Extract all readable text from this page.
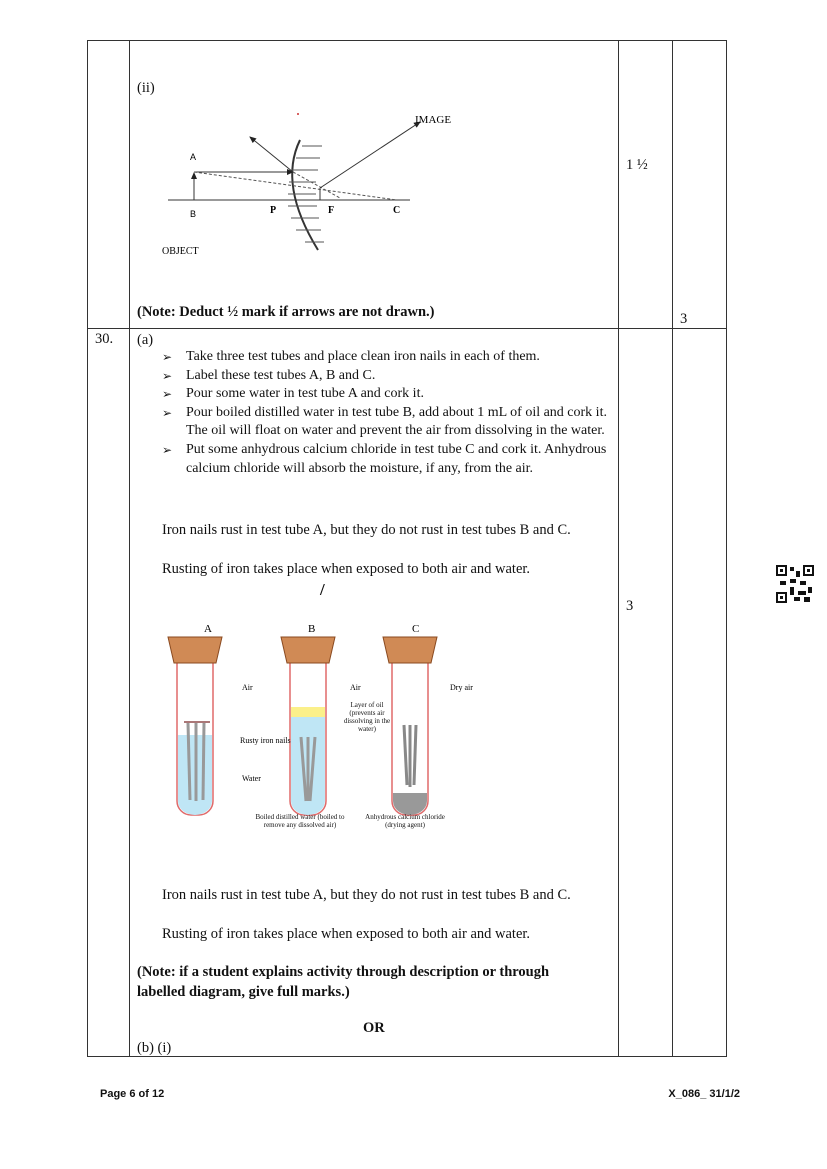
(ii)
IMAGE
A
B	P	F	C
OBJECT
1 ½
(Note: Deduct ½ mark if arrows are not drawn.)	3
30. (a)
➢ Take three test tubes and place clean iron nails in each of them.
➢ Label these test tubes A, B and C.
➢ Pour some water in test tube A and cork it.
➢ Pour boiled distilled water in test tube B, add about 1 mL of oil and cork it. The oil will float on water and prevent the air from dissolving in the water.
➢ Put some anhydrous calcium chloride in test tube C and cork it. Anhydrous calcium chloride will absorb the moisture, if any, from the air.
Iron nails rust in test tube A, but they do not rust in test tubes B and C.
Rusting of iron takes place when exposed to both air and water.
/
3
A	B	C
Air	Air	Dry air
Rusty iron nails
Water
Layer of oil (prevents air dissolving in the water)
Boiled distilled water (boiled to remove any dissolved air)
Anhydrous calcium chloride (drying agent)
Iron nails rust in test tube A, but they do not rust in test tubes B and C.
Rusting of iron takes place when exposed to both air and water.
(Note: if a student explains activity through description or through labelled diagram, give full marks.)
OR
(b) (i)
Page 6 of 12	X_086_ 31/1/2
